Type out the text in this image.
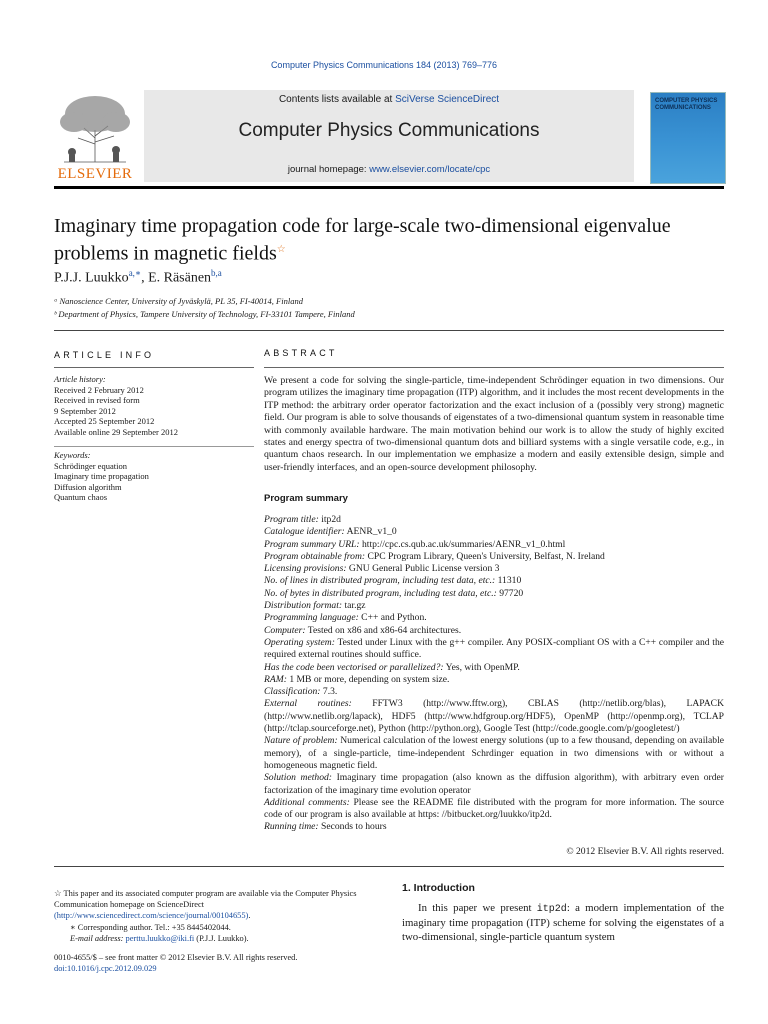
Computer Physics Communications 184 (2013) 769–776
ELSEVIER
Contents lists available at SciVerse ScienceDirect
Computer Physics Communications
journal homepage: www.elsevier.com/locate/cpc
COMPUTER PHYSICS COMMUNICATIONS
Imaginary time propagation code for large-scale two-dimensional eigenvalue problems in magnetic fields☆
P.J.J. Luukko$^{a,∗}$, E. Räsänen$^{b,a}$
ᵃ Nanoscience Center, University of Jyväskylä, PL 35, FI-40014, Finland
ᵇ Department of Physics, Tampere University of Technology, FI-33101 Tampere, Finland
ARTICLE INFO
Article history:
Received 2 February 2012
Received in revised form
9 September 2012
Accepted 25 September 2012
Available online 29 September 2012
Keywords:
Schrödinger equation
Imaginary time propagation
Diffusion algorithm
Quantum chaos
ABSTRACT
We present a code for solving the single-particle, time-independent Schrödinger equation in two dimensions. Our program utilizes the imaginary time propagation (ITP) algorithm, and it includes the most recent developments in the ITP method: the arbitrary order operator factorization and the exact inclusion of a (possibly very strong) magnetic field. Our program is able to solve thousands of eigenstates of a two-dimensional quantum system in reasonable time with commonly available hardware. The main motivation behind our work is to allow the study of highly excited states and energy spectra of two-dimensional quantum dots and billiard systems with a single versatile code, e.g., in quantum chaos research. In our implementation we emphasize a modern and easily extensible design, simple and user-friendly interfaces, and an open-source development philosophy.
Program summary
Program title: itp2d
Catalogue identifier: AENR_v1_0
Program summary URL: http://cpc.cs.qub.ac.uk/summaries/AENR_v1_0.html
Program obtainable from: CPC Program Library, Queen's University, Belfast, N. Ireland
Licensing provisions: GNU General Public License version 3
No. of lines in distributed program, including test data, etc.: 11310
No. of bytes in distributed program, including test data, etc.: 97720
Distribution format: tar.gz
Programming language: C++ and Python.
Computer: Tested on x86 and x86-64 architectures.
Operating system: Tested under Linux with the g++ compiler. Any POSIX-compliant OS with a C++ compiler and the required external routines should suffice.
Has the code been vectorised or parallelized?: Yes, with OpenMP.
RAM: 1 MB or more, depending on system size.
Classification: 7.3.
External routines: FFTW3 (http://www.fftw.org), CBLAS (http://netlib.org/blas), LAPACK (http://www.netlib.org/lapack), HDF5 (http://www.hdfgroup.org/HDF5), OpenMP (http://openmp.org), TCLAP (http://tclap.sourceforge.net), Python (http://python.org), Google Test (http://code.google.com/p/googletest/)
Nature of problem: Numerical calculation of the lowest energy solutions (up to a few thousand, depending on available memory), of a single-particle, time-independent Schrdinger equation in two dimensions with or without a homogeneous magnetic field.
Solution method: Imaginary time propagation (also known as the diffusion algorithm), with arbitrary even order factorization of the imaginary time evolution operator
Additional comments: Please see the README file distributed with the program for more information. The source code of our program is also available at https: //bitbucket.org/luukko/itp2d.
Running time: Seconds to hours
© 2012 Elsevier B.V. All rights reserved.
☆ This paper and its associated computer program are available via the Computer Physics Communication homepage on ScienceDirect (http://www.sciencedirect.com/science/journal/00104655).
∗ Corresponding author. Tel.: +35 8445402044.
E-mail address: perttu.luukko@iki.fi (P.J.J. Luukko).
0010-4655/$ – see front matter © 2012 Elsevier B.V. All rights reserved.
doi:10.1016/j.cpc.2012.09.029
1. Introduction
In this paper we present itp2d: a modern implementation of the imaginary time propagation (ITP) scheme for solving the eigenstates of a two-dimensional, single-particle quantum system
